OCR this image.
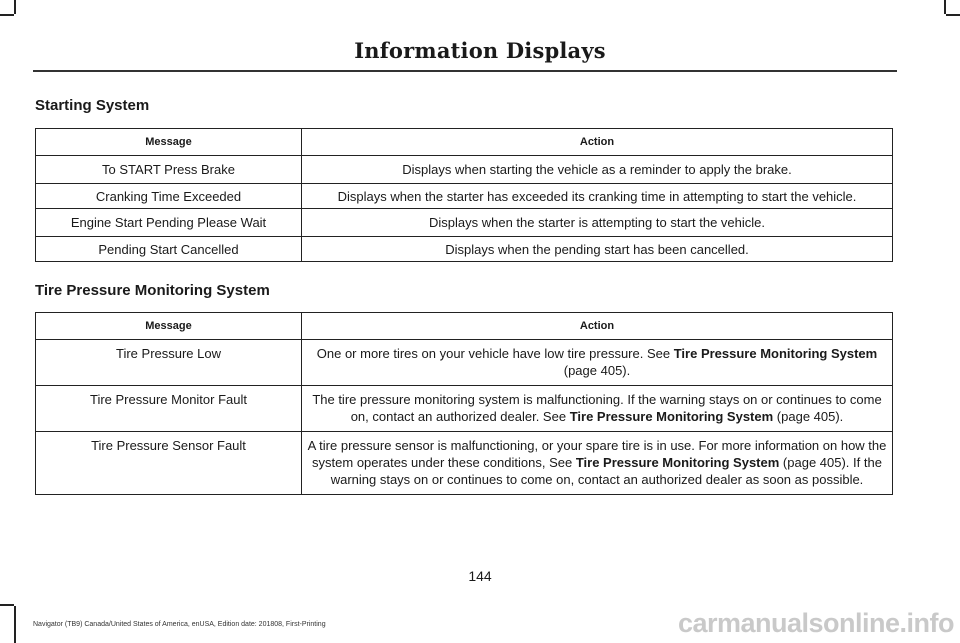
Information Displays
Starting System
Message	Action
To START Press Brake	Displays when starting the vehicle as a reminder to apply the brake.
Cranking Time Exceeded	Displays when the starter has exceeded its cranking time in attempting to start the vehicle.
Engine Start Pending Please Wait	Displays when the starter is attempting to start the vehicle.
Pending Start Cancelled	Displays when the pending start has been cancelled.
Tire Pressure Monitoring System
Message	Action
Tire Pressure Low	One or more tires on your vehicle have low tire pressure. See Tire Pressure Monitoring System (page 405).
Tire Pressure Monitor Fault	The tire pressure monitoring system is malfunctioning. If the warning stays on or continues to come on, contact an authorized dealer. See Tire Pressure Monitoring System (page 405).
Tire Pressure Sensor Fault	A tire pressure sensor is malfunctioning, or your spare tire is in use. For more information on how the system operates under these conditions, See Tire Pressure Monitoring System (page 405). If the warning stays on or continues to come on, contact an authorized dealer as soon as possible.
144
Navigator (TB9) Canada/United States of America, enUSA, Edition date: 201808, First-Printing	carmanualsonline.info
